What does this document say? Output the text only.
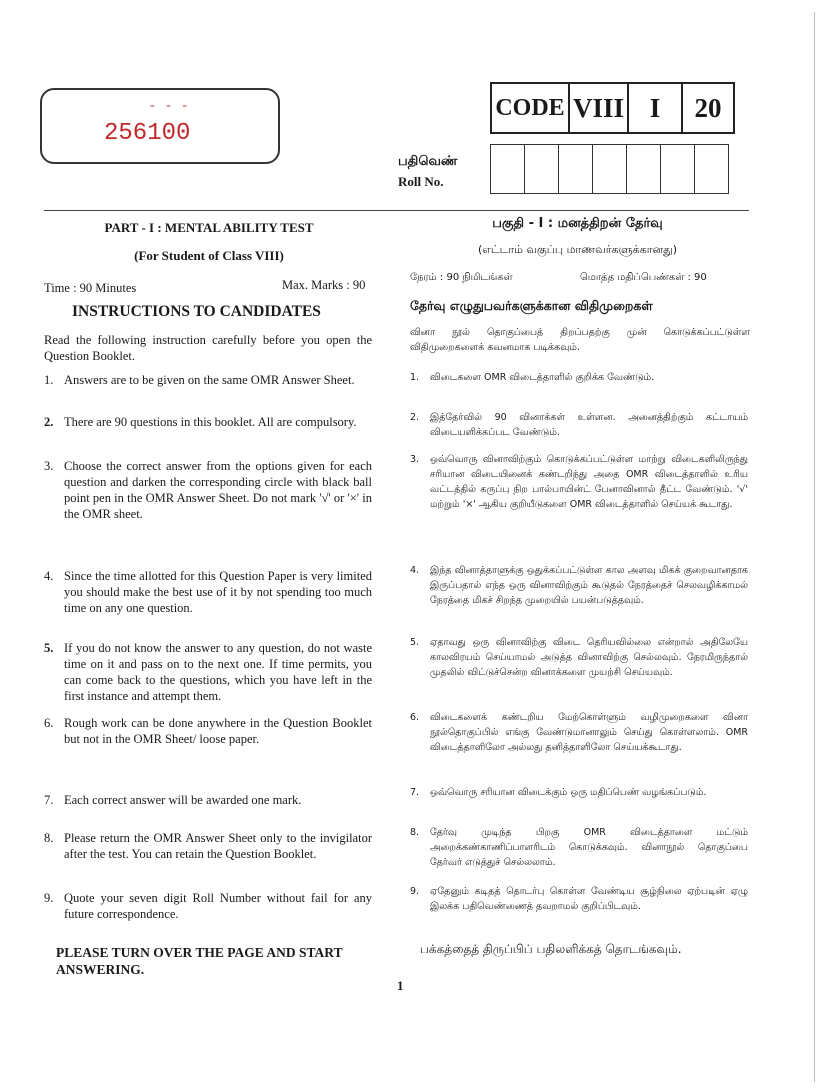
- - -
256100
CODE	VIII	I	20
பதிவெண்
Roll No.

PART - I : MENTAL ABILITY TEST
(For Student of Class VIII)
Time : 90 Minutes	Max. Marks : 90
INSTRUCTIONS TO CANDIDATES
Read the following instruction carefully before you open the Question Booklet.
1. Answers are to be given on the same OMR Answer Sheet.
2. There are 90 questions in this booklet. All are compulsory.
3. Choose the correct answer from the options given for each question and darken the corresponding circle with black ball point pen in the OMR Answer Sheet. Do not mark '√' or '×' in the OMR sheet.
4. Since the time allotted for this Question Paper is very limited you should make the best use of it by not spending too much time on any one question.
5. If you do not know the answer to any question, do not waste time on it and pass on to the next one. If time permits, you can come back to the questions, which you have left in the first instance and attempt them.
6. Rough work can be done anywhere in the Question Booklet but not in the OMR Sheet/ loose paper.
7. Each correct answer will be awarded one mark.
8. Please return the OMR Answer Sheet only to the invigilator after the test. You can retain the Question Booklet.
9. Quote your seven digit Roll Number without fail for any future correspondence.
PLEASE TURN OVER THE PAGE AND START ANSWERING.
பகுதி - I : மனத்திறன் தேர்வு
(எட்டாம் வகுப்பு மாணவர்களுக்கானது)
நேரம் : 90 நிமிடங்கள்	மொத்த மதிப்பெண்கள் : 90
தேர்வு எழுதுபவர்களுக்கான விதிமுறைகள்
வினா நூல் தொகுப்பைத் திறப்பதற்கு முன் கொடுக்கப்பட்டுள்ள விதிமுறைகளைக் கவனமாக படிக்கவும்.
1. விடைகளை OMR விடைத்தாளில் குறிக்க வேண்டும்.
2. இத்தேர்வில் 90 வினாக்கள் உள்ளன. அனைத்திற்கும் கட்டாயம் விடையளிக்கப்பட வேண்டும்.
3. ஒவ்வொரு வினாவிற்கும் கொடுக்கப்பட்டுள்ள மாற்று விடைகளிலிருந்து சரியான விடையினைக் கண்டறிந்து அதை OMR விடைத்தாளில் உரிய வட்டத்தில் கருப்பு நிற பால்பாயின்ட் பேனாவினால் தீட்ட வேண்டும். '√' மற்றும் '×' ஆகிய குறியீடுகளை OMR விடைத்தாளில் செய்யக் கூடாது.
4. இந்த வினாத்தாளுக்கு ஒதுக்கப்பட்டுள்ள கால அளவு மிகக் குறைவானதாக இருப்பதால் எந்த ஒரு வினாவிற்கும் கூடுதல் நேரத்தைச் செலவழிக்காமல் நேரத்தை மிகச் சிறந்த முறையில் பயன்படுத்தவும்.
5. ஏதாவது ஒரு வினாவிற்கு விடை தெரியவில்லை என்றால் அதிலேயே காலவிரயம் செய்யாமல் அடுத்த வினாவிற்கு செல்லவும். நேரமிருந்தால் முதலில் விட்டுச்சென்ற வினாக்களை முயற்சி செய்யவும்.
6. விடைகளைக் கண்டறிய மேற்கொள்ளும் வழிமுறைகளை வினா நூல்தொகுப்பில் எங்கு வேண்டுமானாலும் செய்து கொள்ளலாம். OMR விடைத்தாளிலோ அல்லது தனித்தாளிலோ செய்யக்கூடாது.
7. ஒவ்வொரு சரியான விடைக்கும் ஒரு மதிப்பெண் வழங்கப்படும்.
8. தேர்வு முடிந்த பிறகு OMR விடைத்தாளை மட்டும் அறைக்கண்காணிப்பாளரிடம் கொடுக்கவும். வினாநூல் தொகுப்பை தேர்வர் எடுத்துச் செல்லலாம்.
9. ஏதேனும் கடிதத் தொடர்பு கொள்ள வேண்டிய சூழ்நிலை ஏற்படின் ஏழு இலக்க பதிவெண்ணைத் தவறாமல் குறிப்பிடவும்.
பக்கத்தைத் திருப்பிப் பதிலளிக்கத் தொடங்கவும்.
1
